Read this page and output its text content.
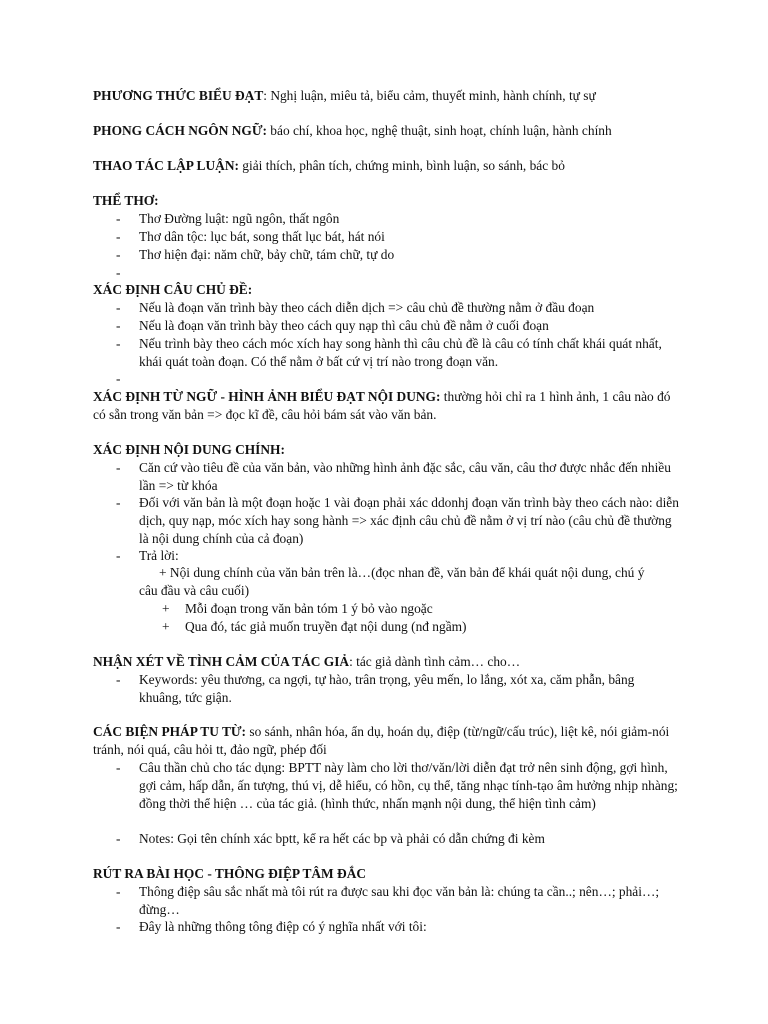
PHƯƠNG THỨC BIỂU ĐẠT: Nghị luận, miêu tả, biểu cảm, thuyết minh, hành chính, tự sự
PHONG CÁCH NGÔN NGỮ: báo chí, khoa học, nghệ thuật, sinh hoạt, chính luận, hành chính
THAO TÁC LẬP LUẬN: giải thích, phân tích, chứng minh, bình luận, so sánh, bác bỏ
THỂ THƠ:
- Thơ Đường luật: ngũ ngôn, thất ngôn
- Thơ dân tộc: lục bát, song thất lục bát, hát nói
- Thơ hiện đại: năm chữ, bảy chữ, tám chữ, tự do
-
XÁC ĐỊNH CÂU CHỦ ĐỀ:
- Nếu là đoạn văn trình bày theo cách diễn dịch => câu chủ đề thường nằm ở đầu đoạn
- Nếu là đoạn văn trình bày theo cách quy nạp thì câu chủ đề nằm ở cuối đoạn
- Nếu trình bày theo cách móc xích hay song hành thì câu chủ đề là câu có tính chất khái quát nhất, khái quát toàn đoạn. Có thể nằm ở bất cứ vị trí nào trong đoạn văn.
-
XÁC ĐỊNH TỪ NGỮ - HÌNH ẢNH BIỂU ĐẠT NỘI DUNG: thường hỏi chỉ ra 1 hình ảnh, 1 câu nào đó có sẵn trong văn bản => đọc kĩ đề, câu hỏi bám sát vào văn bản.
XÁC ĐỊNH NỘI DUNG CHÍNH:
- Căn cứ vào tiêu đề của văn bản, vào những hình ảnh đặc sắc, câu văn, câu thơ được nhắc đến nhiều lần => từ khóa
- Đối với văn bản là một đoạn hoặc 1 vài đoạn phải xác ddonhj đoạn văn trình bày theo cách nào: diễn dịch, quy nạp, móc xích hay song hành => xác định câu chủ đề nằm ở vị trí nào (câu chủ đề thường là nội dung chính của cả đoạn)
- Trả lời:
+ Nội dung chính của văn bản trên là…(đọc nhan đề, văn bản để khái quát nội dung, chú ý câu đầu và câu cuối)
+ Mỗi đoạn trong văn bản tóm 1 ý bỏ vào ngoặc
+ Qua đó, tác giả muốn truyền đạt nội dung (nđ ngầm)
NHẬN XÉT VỀ TÌNH CẢM CỦA TÁC GIẢ: tác giả dành tình cảm… cho…
- Keywords: yêu thương, ca ngợi, tự hào, trân trọng, yêu mến, lo lắng, xót xa, căm phẫn, bâng khuâng, tức giận.
CÁC BIỆN PHÁP TU TỪ: so sánh, nhân hóa, ẩn dụ, hoán dụ, điệp (từ/ngữ/cấu trúc), liệt kê, nói giảm-nói tránh, nói quá, câu hỏi tt, đảo ngữ, phép đối
- Câu thần chủ cho tác dụng: BPTT này làm cho lời thơ/văn/lời diễn đạt trở nên sinh động, gợi hình, gợi cảm, hấp dẫn, ấn tượng, thú vị, dễ hiểu, có hồn, cụ thể, tăng nhạc tính-tạo âm hưởng nhịp nhàng; đồng thời thể hiện … của tác giả. (hình thức, nhấn mạnh nội dung, thể hiện tình cảm)
- Notes: Gọi tên chính xác bptt, kể ra hết các bp và phải có dẫn chứng đi kèm
RÚT RA BÀI HỌC - THÔNG ĐIỆP TÂM ĐẮC
- Thông điệp sâu sắc nhất mà tôi rút ra được sau khi đọc văn bản là: chúng ta cần..; nên…; phải…; đừng…
- Đây là những thông tông điệp có ý nghĩa nhất với tôi:
